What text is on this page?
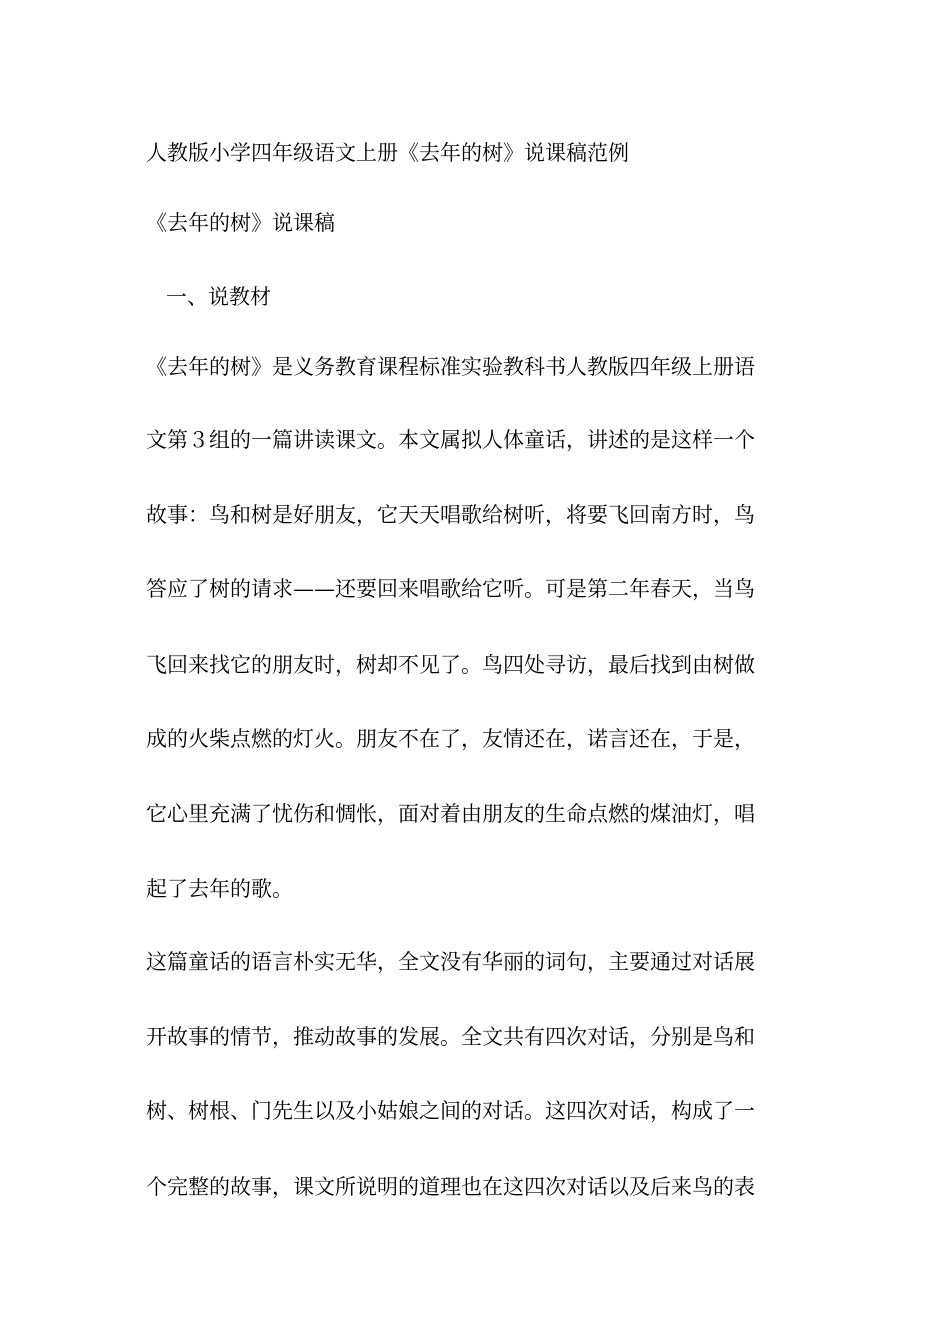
人教版小学四年级语文上册《去年的树》说课稿范例
《去年的树》说课稿
一、说教材
《去年的树》是义务教育课程标准实验教科书人教版四年级上册语
文第３组的一篇讲读课文。本文属拟人体童话，讲述的是这样一个
故事：鸟和树是好朋友，它天天唱歌给树听，将要飞回南方时，鸟
答应了树的请求——还要回来唱歌给它听。可是第二年春天，当鸟
飞回来找它的朋友时，树却不见了。鸟四处寻访，最后找到由树做
成的火柴点燃的灯火。朋友不在了，友情还在，诺言还在，于是，
它心里充满了忧伤和惆怅，面对着由朋友的生命点燃的煤油灯，唱
起了去年的歌。
这篇童话的语言朴实无华，全文没有华丽的词句，主要通过对话展
开故事的情节，推动故事的发展。全文共有四次对话，分别是鸟和
树、树根、门先生以及小姑娘之间的对话。这四次对话，构成了一
个完整的故事，课文所说明的道理也在这四次对话以及后来鸟的表
